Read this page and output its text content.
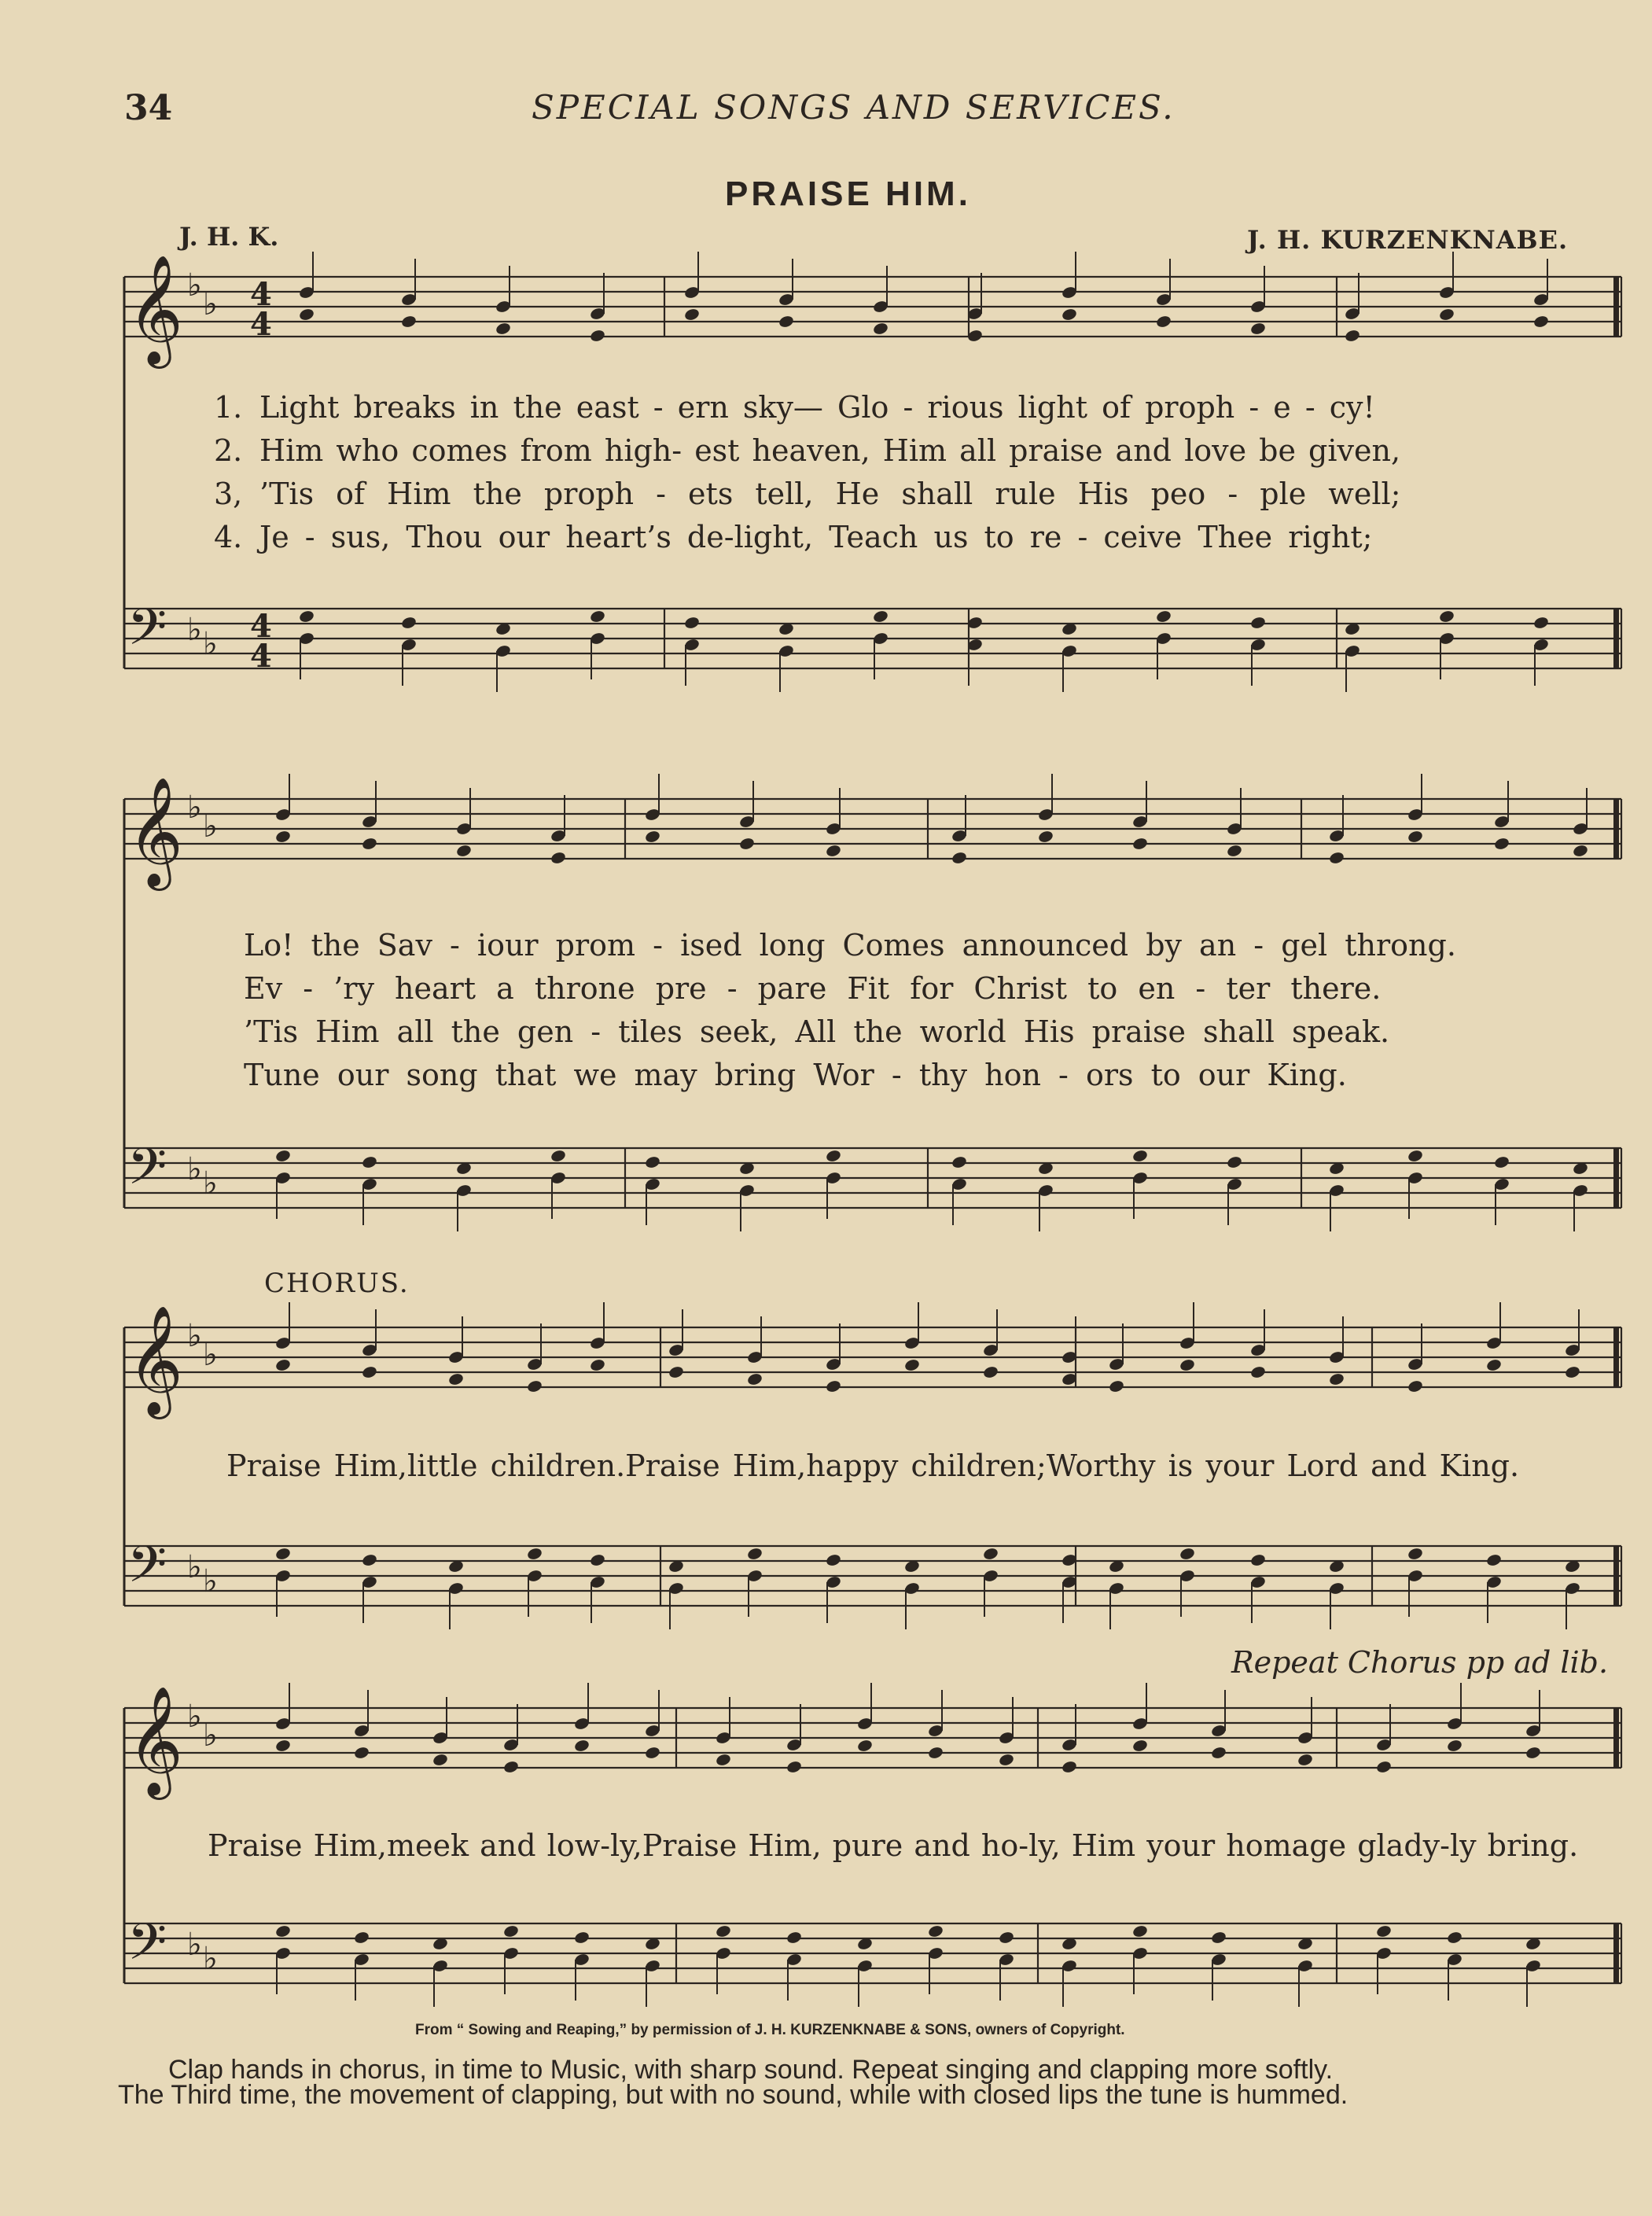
34	SPECIAL SONGS AND SERVICES.
PRAISE HIM.
J. H. K.	J. H. KURZENKNABE.
𝄞
𝄢
♭
♭
♭ ♭
4
4
4
4
𝄞
𝄢
♭
♭
♭ ♭
𝄞
𝄢
♭
♭
♭ ♭
𝄞
𝄢
♭
♭
♭ ♭
1. Light breaks in the east - ern sky— Glo - rious light of proph - e - cy!
2. Him who comes from high- est heaven, Him all praise and love be given,
3, ’Tis of Him the proph - ets tell, He shall rule His peo - ple well;
4. Je - sus, Thou our heart’s de-light, Teach us to re - ceive Thee right;
Lo! the Sav - iour prom - ised long Comes announced by an - gel throng.
Ev - ’ry heart a throne pre - pare Fit for Christ to en - ter there.
’Tis Him all the gen - tiles seek, All the world His praise shall speak.
Tune our song that we may bring Wor - thy hon - ors to our King.
CHORUS.
Praise Him,little children.Praise Him,happy children;Worthy is your Lord and King.
Repeat Chorus pp ad lib.
Praise Him,meek and low-ly,Praise Him, pure and ho-ly, Him your homage glady-ly bring.
From “ Sowing and Reaping,” by permission of J. H. KURZENKNABE & SONS, owners of Copyright.
Clap hands in chorus, in time to Music, with sharp sound. Repeat singing and clapping more softly.
The Third time, the movement of clapping, but with no sound, while with closed lips the tune is hummed.
